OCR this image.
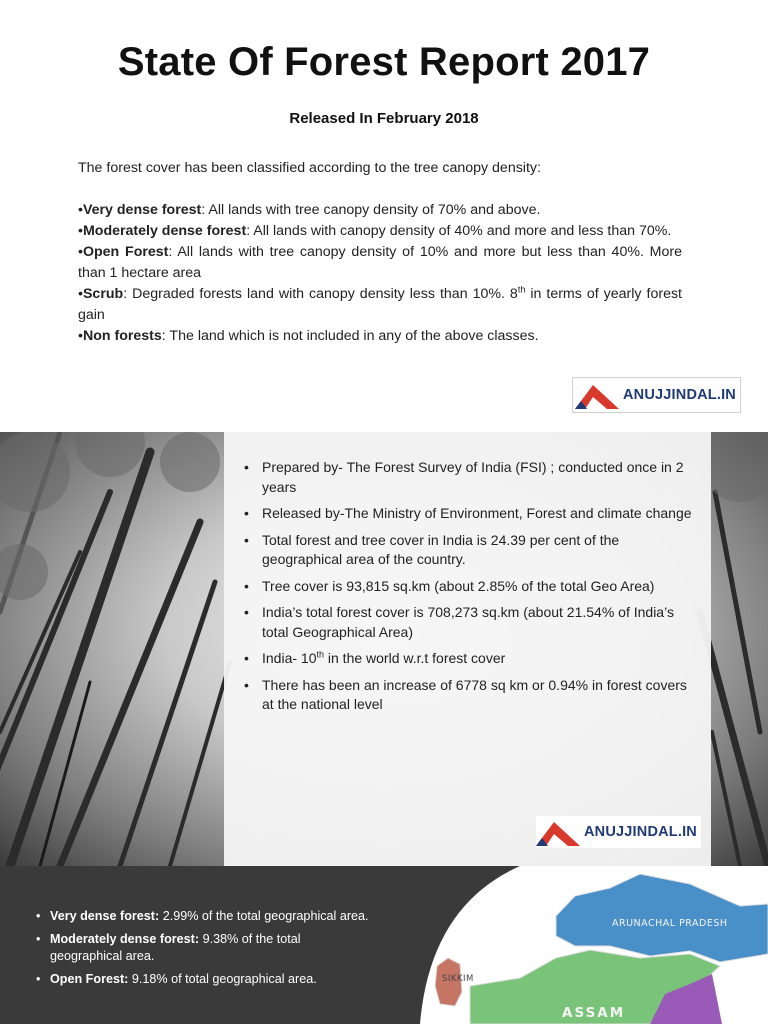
State Of Forest Report 2017
Released In February 2018

The forest cover has been classified according to the tree canopy density:

•Very dense forest: All lands with tree canopy density of 70% and above.
•Moderately dense forest: All lands with canopy density of 40% and more and less than 70%.
•Open Forest: All lands with tree canopy density of 10% and more but less than 40%. More than 1 hectare area
•Scrub: Degraded forests land with canopy density less than 10%. 8th in terms of yearly forest gain
•Non forests: The land which is not included in any of the above classes.
ANUJJINDAL.IN
• Prepared by- The Forest Survey of India (FSI) ; conducted once in 2 years
• Released by-The Ministry of Environment, Forest and climate change
• Total forest and tree cover in India is 24.39 per cent of the geographical area of the country.
• Tree cover is 93,815 sq.km (about 2.85% of the total Geo Area)
• India’s total forest cover is 708,273 sq.km (about 21.54% of India’s total Geographical Area)
• India- 10th in the world w.r.t forest cover
• There has been an increase of 6778 sq km or 0.94% in forest covers at the national level
ANUJJINDAL.IN
• Very dense forest: 2.99% of the total geographical area.
• Moderately dense forest: 9.38% of the total geographical area.
• Open Forest: 9.18% of total geographical area.
ARUNACHAL PRADESH
SIKKIM
ASSAM
